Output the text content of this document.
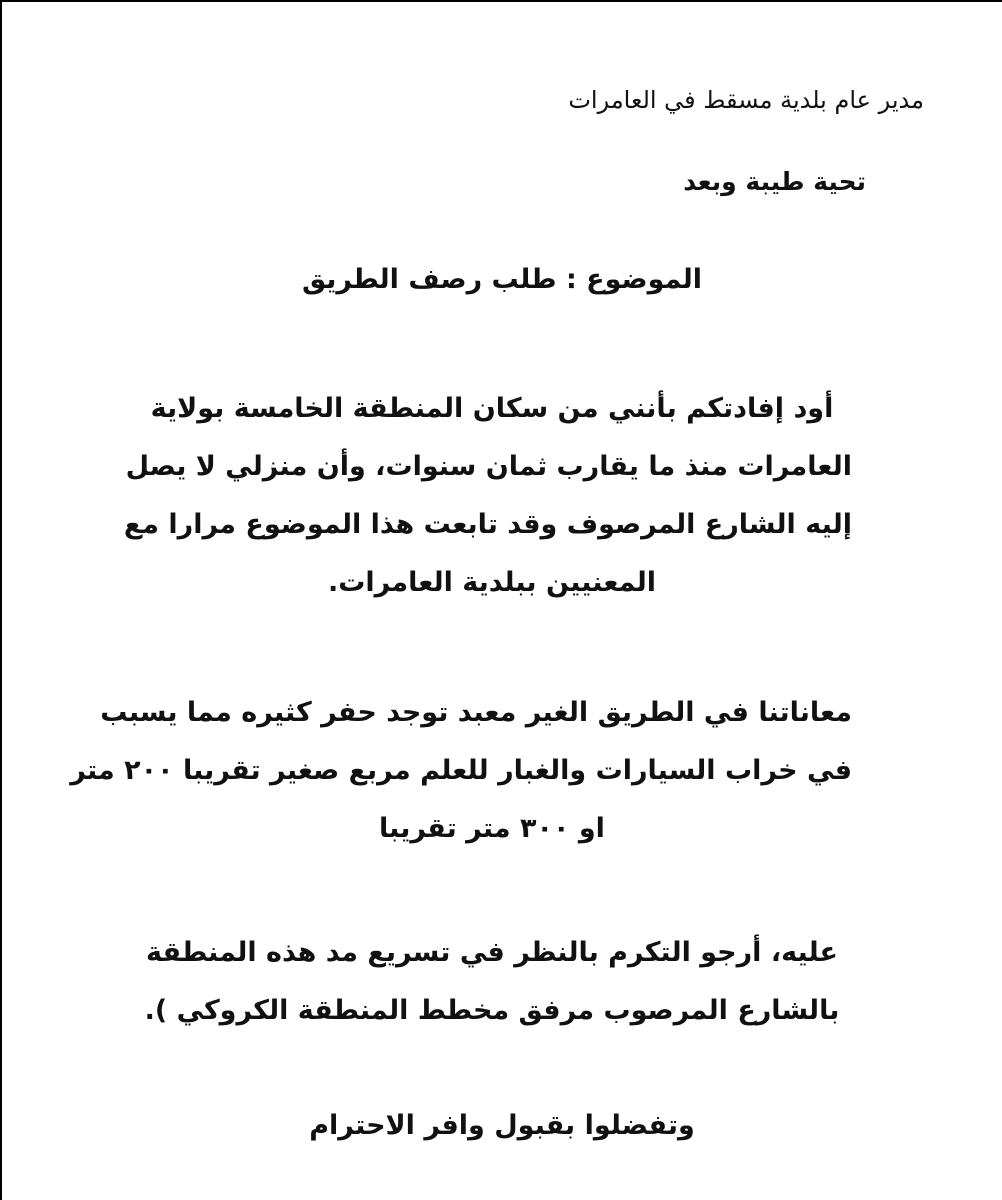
مدير عام بلدية مسقط في العامرات
تحية طيبة وبعد
الموضوع : طلب رصف الطريق
أود إفادتكم بأنني من سكان المنطقة الخامسة بولاية
العامرات منذ ما يقارب ثمان سنوات، وأن منزلي لا يصل
إليه الشارع المرصوف وقد تابعت هذا الموضوع مرارا مع
المعنيين ببلدية العامرات.
معاناتنا في الطريق الغير معبد توجد حفر كثيره مما يسبب
في خراب السيارات والغبار للعلم مربع صغير تقريبا ٢٠٠ متر
او ٣٠٠ متر تقريبا
عليه، أرجو التكرم بالنظر في تسريع مد هذه المنطقة
بالشارع المرصوب مرفق مخطط المنطقة الكروكي ).
وتفضلوا بقبول وافر الاحترام
